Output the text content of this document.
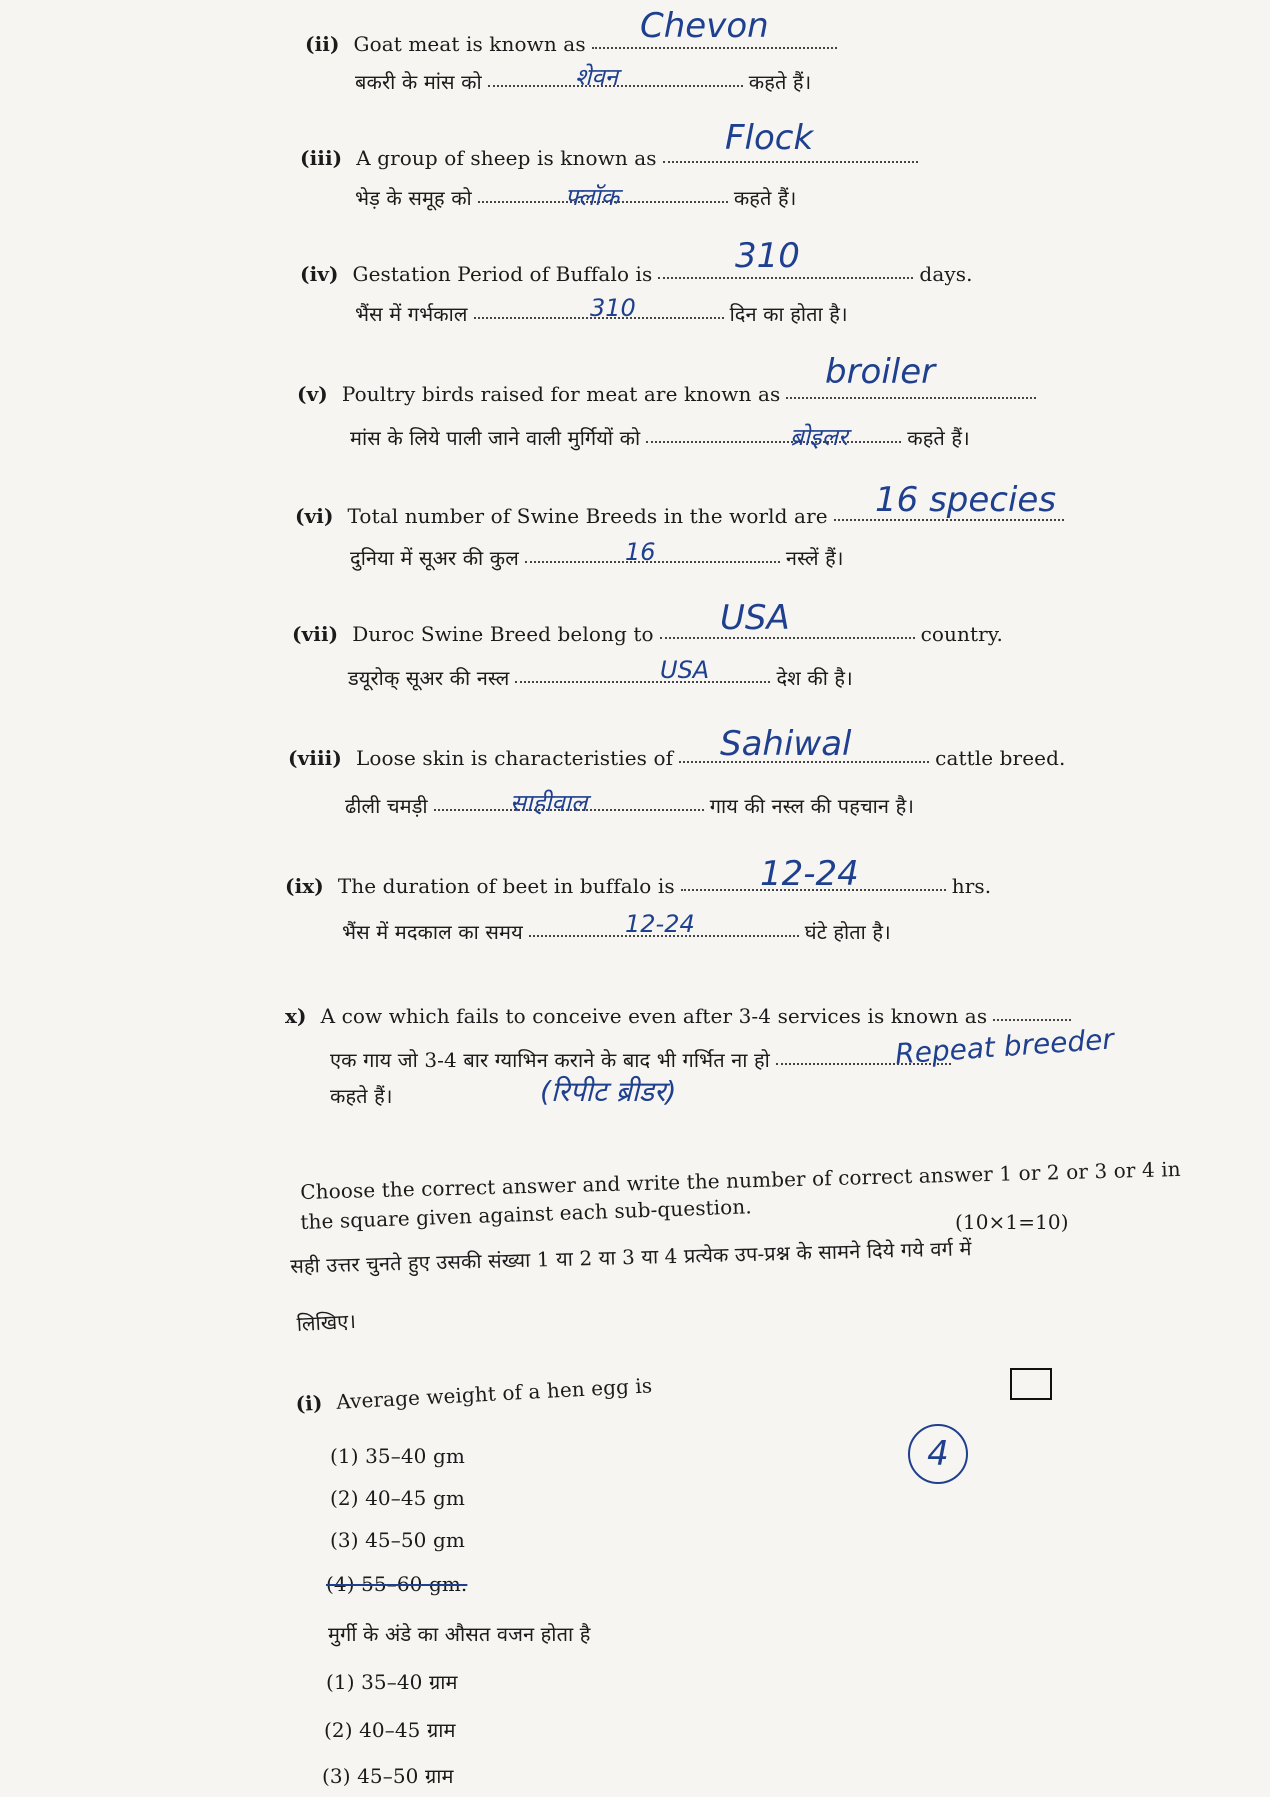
(ii) Goat meat is known as	Chevon
बकरी के मांस को	कहते हैं।
शेवन
(iii) A group of sheep is known as	Flock
भेड़ के समूह को	कहते हैं।
फ्लॉक
(iv) Gestation Period of Buffalo is	days.
310
भैंस में गर्भकाल	दिन का होता है।
310
(v) Poultry birds raised for meat are known as
broiler
मांस के लिये पाली जाने वाली मुर्गियों को	कहते हैं।
ब्रोइलर
(vi) Total number of Swine Breeds in the world are	16 species
दुनिया में सूअर की कुल	नस्लें हैं।
16
(vii) Duroc Swine Breed belong to	country.
USA
डयूरोक् सूअर की नस्ल	देश की है।
USA
(viii) Loose skin is characteristies of	cattle breed.
Sahiwal
ढीली चमड़ी	गाय की नस्ल की पहचान है।
साहीवाल
(ix) The duration of beet in buffalo is	hrs.
12-24
भैंस में मदकाल का समय	घंटे होता है।
12-24
x) A cow which fails to conceive even after 3-4 services is known as
एक गाय जो 3-4 बार ग्याभिन कराने के बाद भी गर्भित ना हो
कहते हैं।
Repeat breeder
(रिपीट ब्रीडर)
Choose the correct answer and write the number of correct answer 1 or 2 or 3 or 4 in
the square given against each sub-question.	(10×1=10)
सही उत्तर चुनते हुए उसकी संख्या 1 या 2 या 3 या 4 प्रत्येक उप-प्रश्न के सामने दिये गये वर्ग में
लिखिए।
(i) Average weight of a hen egg is
4
(1) 35–40 gm
(2) 40–45 gm
(3) 45–50 gm
(4) 55–60 gm.
मुर्गी के अंडे का औसत वजन होता है
(1) 35–40 ग्राम
(2) 40–45 ग्राम
(3) 45–50 ग्राम
